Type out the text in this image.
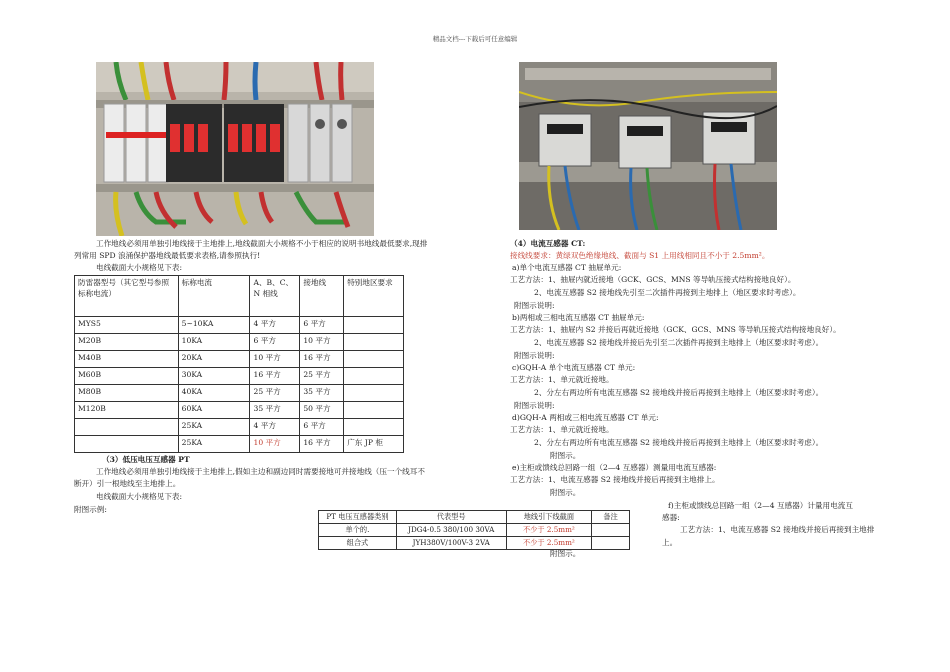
精品文档---下载后可任意编辑
工作地线必须用单独引地线接于主地排上,地线截面大小规格不小于相应的说明书地线最低要求,现排
列常用 SPD 浪涌保护器地线最低要求表格,请参照执行!
电线截面大小规格见下表:
防雷器型号（其它型号参照标称电流）	标称电流	A、B、C、N 相线	接地线	特别地区要求
MYS5	5~10KA	4 平方	6 平方	
M20B	10KA	6 平方	10 平方	
M40B	20KA	10 平方	16 平方	
M60B	30KA	16 平方	25 平方	
M80B	40KA	25 平方	35 平方	
M120B	60KA	35 平方	50 平方	
	25KA	4 平方	6 平方	
	25KA	10 平方	16 平方	广东 JP 柜
（3）低压电压互感器 PT
工作地线必须用单独引地线接于主地排上,假如主边和副边同时需要接地可并接地线（压一个线耳不
断开）引一根地线至主地排上。
电线截面大小规格见下表:
附图示例:
PT 电压互感器类别	代表型号	地线引下线截面	备注
单个的.	JDG4-0.5 380/100 30VA	不少于 2.5mm²	
组合式	JYH380V/100V-3 2VA	不少于 2.5mm²	
附图示。
（4）电流互感器 CT:
接线线要求：黄绿双色绝缘地线、截面与 S1 上用线相同且不小于 2.5mm²。
a)单个电流互感器 CT 抽屉单元:
工艺方法：1、抽屉内就近接地（GCK、GCS、MNS 等导轨压接式结构接地良好）。
2、电流互感器 S2 接地线先引至二次插件再接到主地排上（地区要求时考虑）。
附图示说明:
b)两相或三相电流互感器 CT 抽屉单元:
工艺方法：1、抽屉内 S2 并接后再就近接地（GCK、GCS、MNS 等导轨压接式结构接地良好）。
2、电流互感器 S2 接地线并接后先引至二次插件再接到主地排上（地区要求时考虑）。
附图示说明:
c)GQH-A 单个电流互感器 CT 单元:
工艺方法：1、单元就近接地。
2、分左右两边所有电流互感器 S2 接地线并接后再接到主地排上（地区要求时考虑）。
附图示说明:
d)GQH-A 两相或三相电流互感器 CT 单元:
工艺方法：1、单元就近接地。
2、分左右两边所有电流互感器 S2 接地线并接后再接到主地排上（地区要求时考虑）。
附图示。
e)主柜或馈线总回路一组（2—4 互感器）测量用电流互感器:
工艺方法：1、电流互感器 S2 接地线并接后再接到主地排上。
附图示。
f)主柜或馈线总回路一组（2—4 互感器）计量用电流互
感器:
工艺方法：1、电流互感器 S2 接地线并接后再接到主地排
上。
